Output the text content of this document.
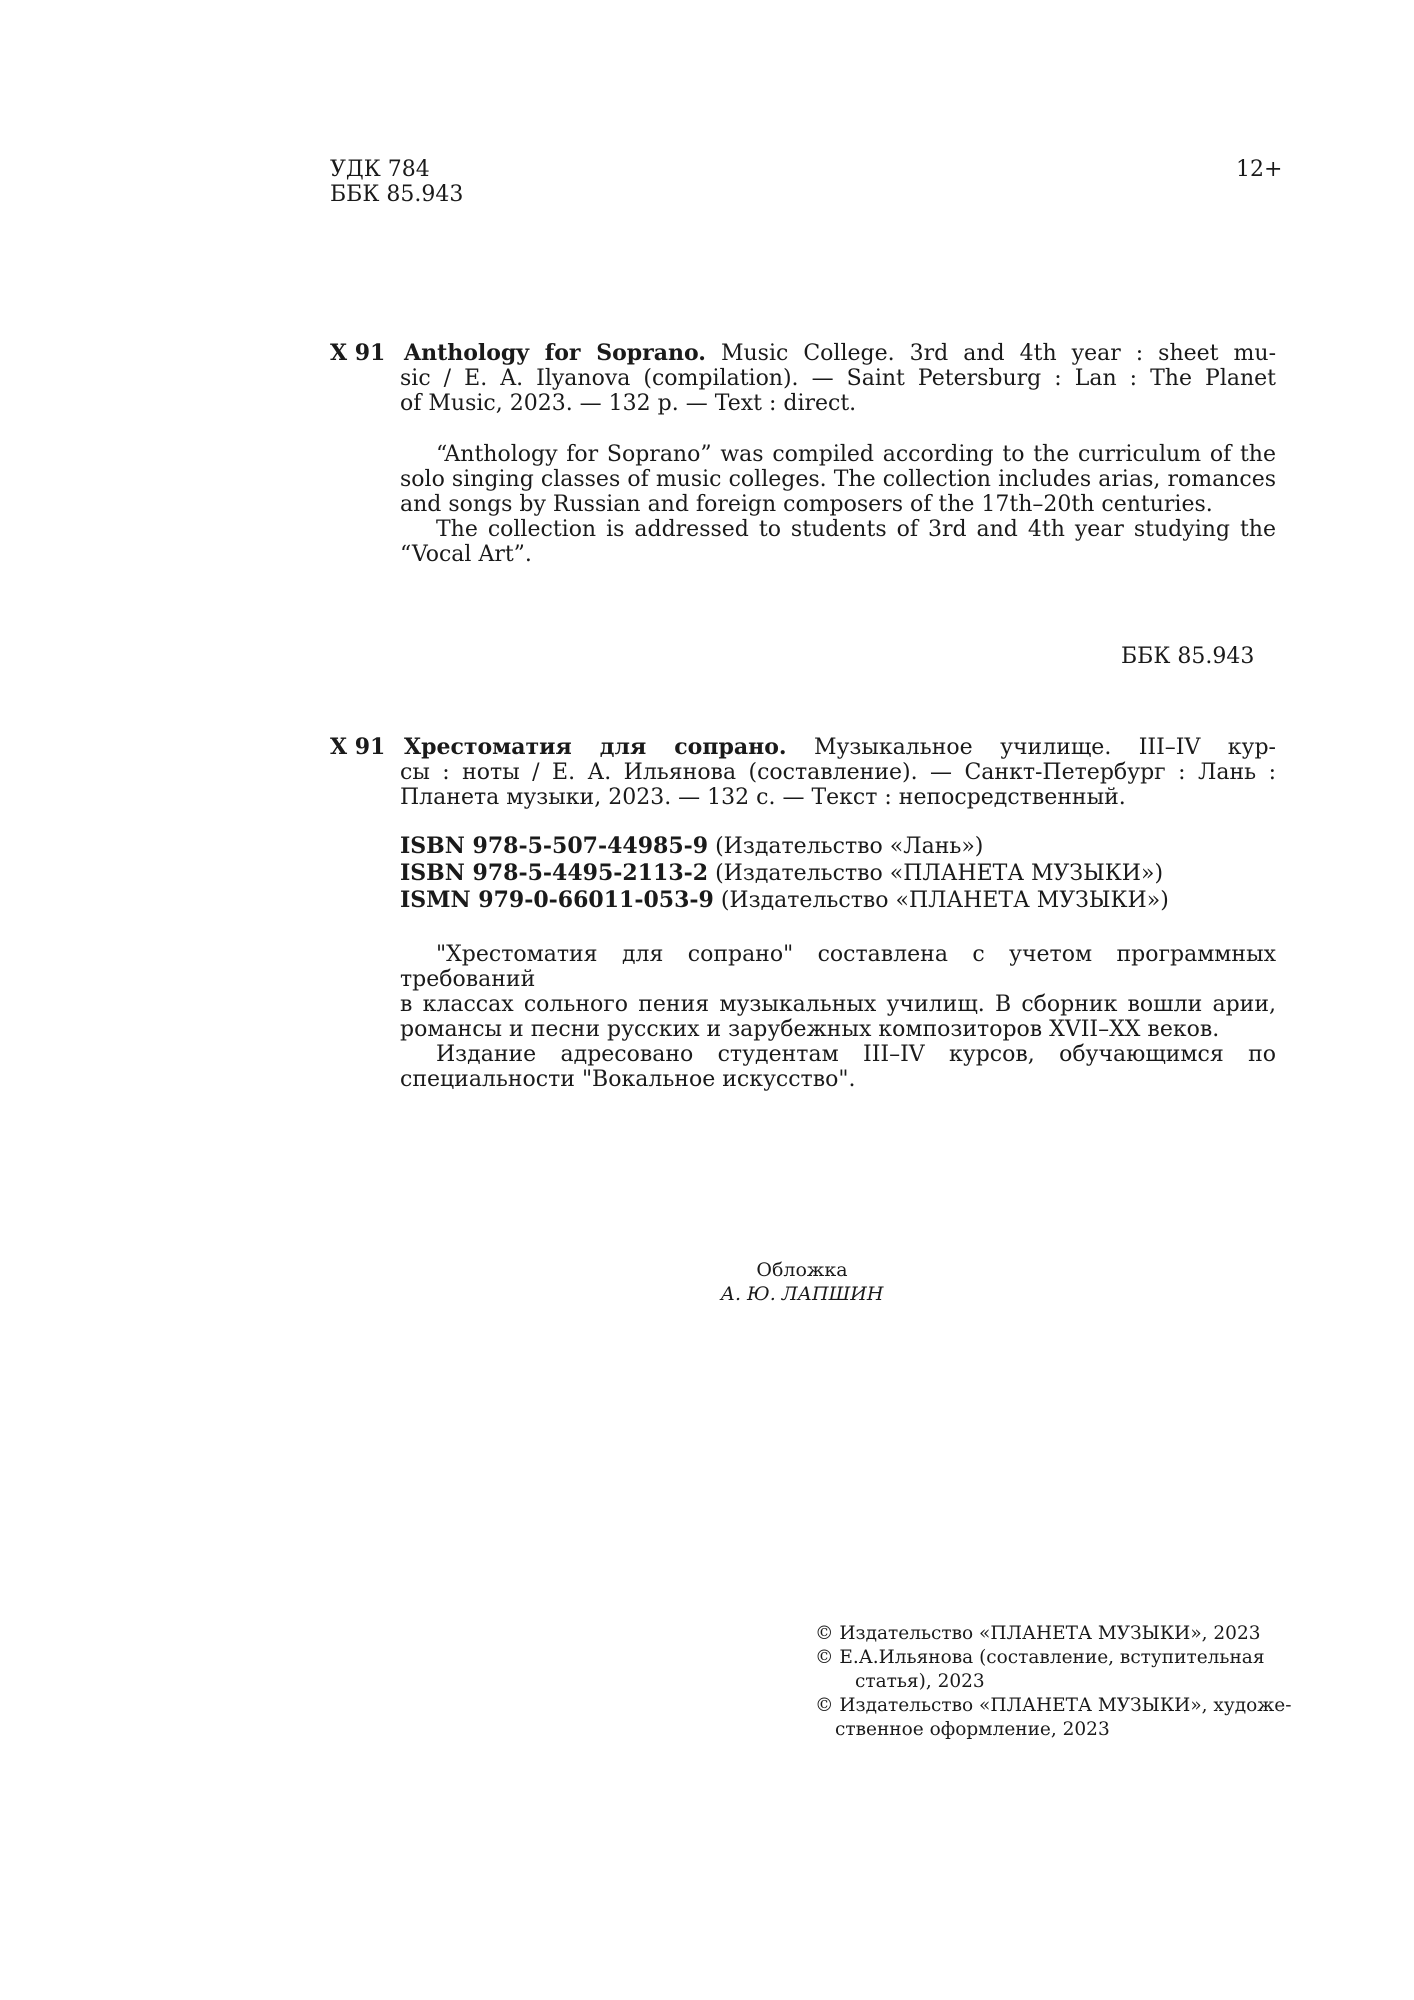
УДК 784
ББК 85.943
12+
Х 91 Anthology for Soprano. Music College. 3rd and 4th year : sheet mu-
sic / E. A. Ilyanova (compilation). — Saint Petersburg : Lan : The Planet
of Music, 2023. — 132 p. — Text : direct.
“Anthology for Soprano” was compiled according to the curriculum of the
solo singing classes of music colleges. The collection includes arias, romances
and songs by Russian and foreign composers of the 17th–20th centuries.
The collection is addressed to students of 3rd and 4th year studying the
“Vocal Art”.
ББК 85.943
Х 91 Хрестоматия для сопрано. Музыкальное училище. III–IV кур-
сы : ноты / Е. А. Ильянова (составление). — Санкт-Петербург : Лань :
Планета музыки, 2023. — 132 с. — Текст : непосредственный.
ISBN 978-5-507-44985-9 (Издательство «Лань»)
ISBN 978-5-4495-2113-2 (Издательство «ПЛАНЕТА МУЗЫКИ»)
ISMN 979-0-66011-053-9 (Издательство «ПЛАНЕТА МУЗЫКИ»)
"Хрестоматия для сопрано" составлена с учетом программных требований
в классах сольного пения музыкальных училищ. В сборник вошли арии,
романсы и песни русских и зарубежных композиторов XVII–XX веков.
Издание адресовано студентам III–IV курсов, обучающимся по
специальности "Вокальное искусство".
Обложка
А. Ю. ЛАПШИН
© Издательство «ПЛАНЕТА МУЗЫКИ», 2023
© Е.А.Ильянова (составление, вступительная
статья), 2023
© Издательство «ПЛАНЕТА МУЗЫКИ», художе-
ственное оформление, 2023
